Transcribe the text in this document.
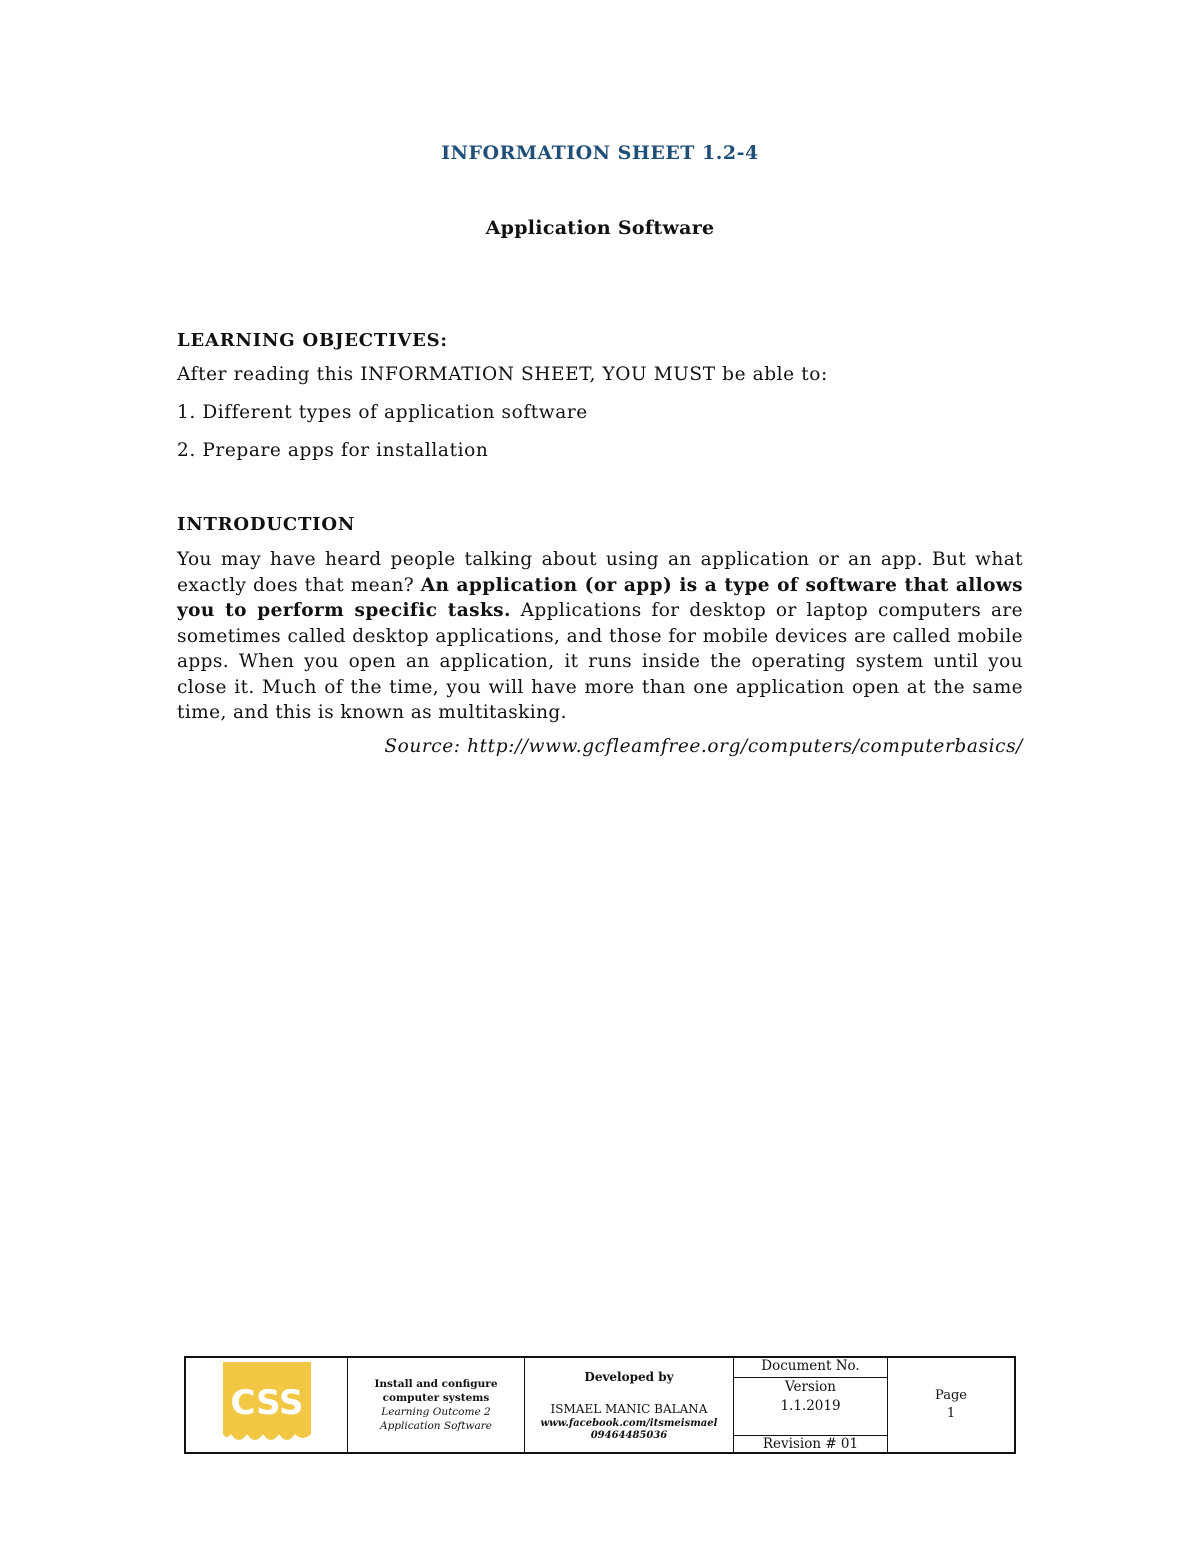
INFORMATION SHEET 1.2-4
Application Software
LEARNING OBJECTIVES:
After reading this INFORMATION SHEET, YOU MUST be able to:
1. Different types of application software
2. Prepare apps for installation
INTRODUCTION

You may have heard people talking about using an application or an app. But what exactly does that mean? An application (or app) is a type of software that allows you to perform specific tasks. Applications for desktop or laptop computers are sometimes called desktop applications, and those for mobile devices are called mobile apps. When you open an application, it runs inside the operating system until you close it. Much of the time, you will have more than one application open at the same time, and this is known as multitasking.

Source: http://www.gcfleamfree.org/computers/computerbasics/
CSS	Install and configure
computer systems
Learning Outcome 2
Application Software
Developed by
ISMAEL MANIC BALANA
www.facebook.com/itsmeismael
09464485036
Document No.
Version
1.1.2019
Revision # 01
Page
1
